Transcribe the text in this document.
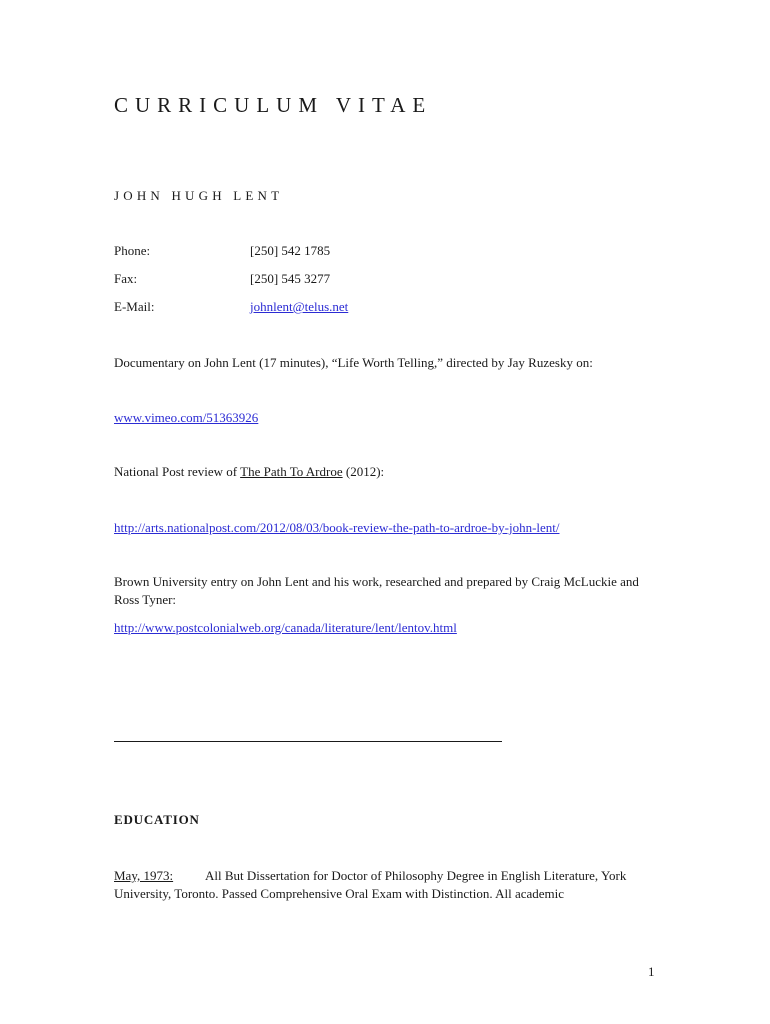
CURRICULUM VITAE
JOHN HUGH LENT
Phone:	[250] 542 1785
Fax:	[250] 545 3277
E-Mail:	johnlent@telus.net
Documentary on John Lent (17 minutes), “Life Worth Telling,” directed by Jay Ruzesky on:
www.vimeo.com/51363926
National Post review of The Path To Ardroe (2012):
http://arts.nationalpost.com/2012/08/03/book-review-the-path-to-ardroe-by-john-lent/
Brown University entry on John Lent and his work, researched and prepared by Craig McLuckie and
Ross Tyner:
http://www.postcolonialweb.org/canada/literature/lent/lentov.html
EDUCATION
May, 1973: All But Dissertation for Doctor of Philosophy Degree in English Literature, York
University, Toronto. Passed Comprehensive Oral Exam with Distinction. All academic
1
